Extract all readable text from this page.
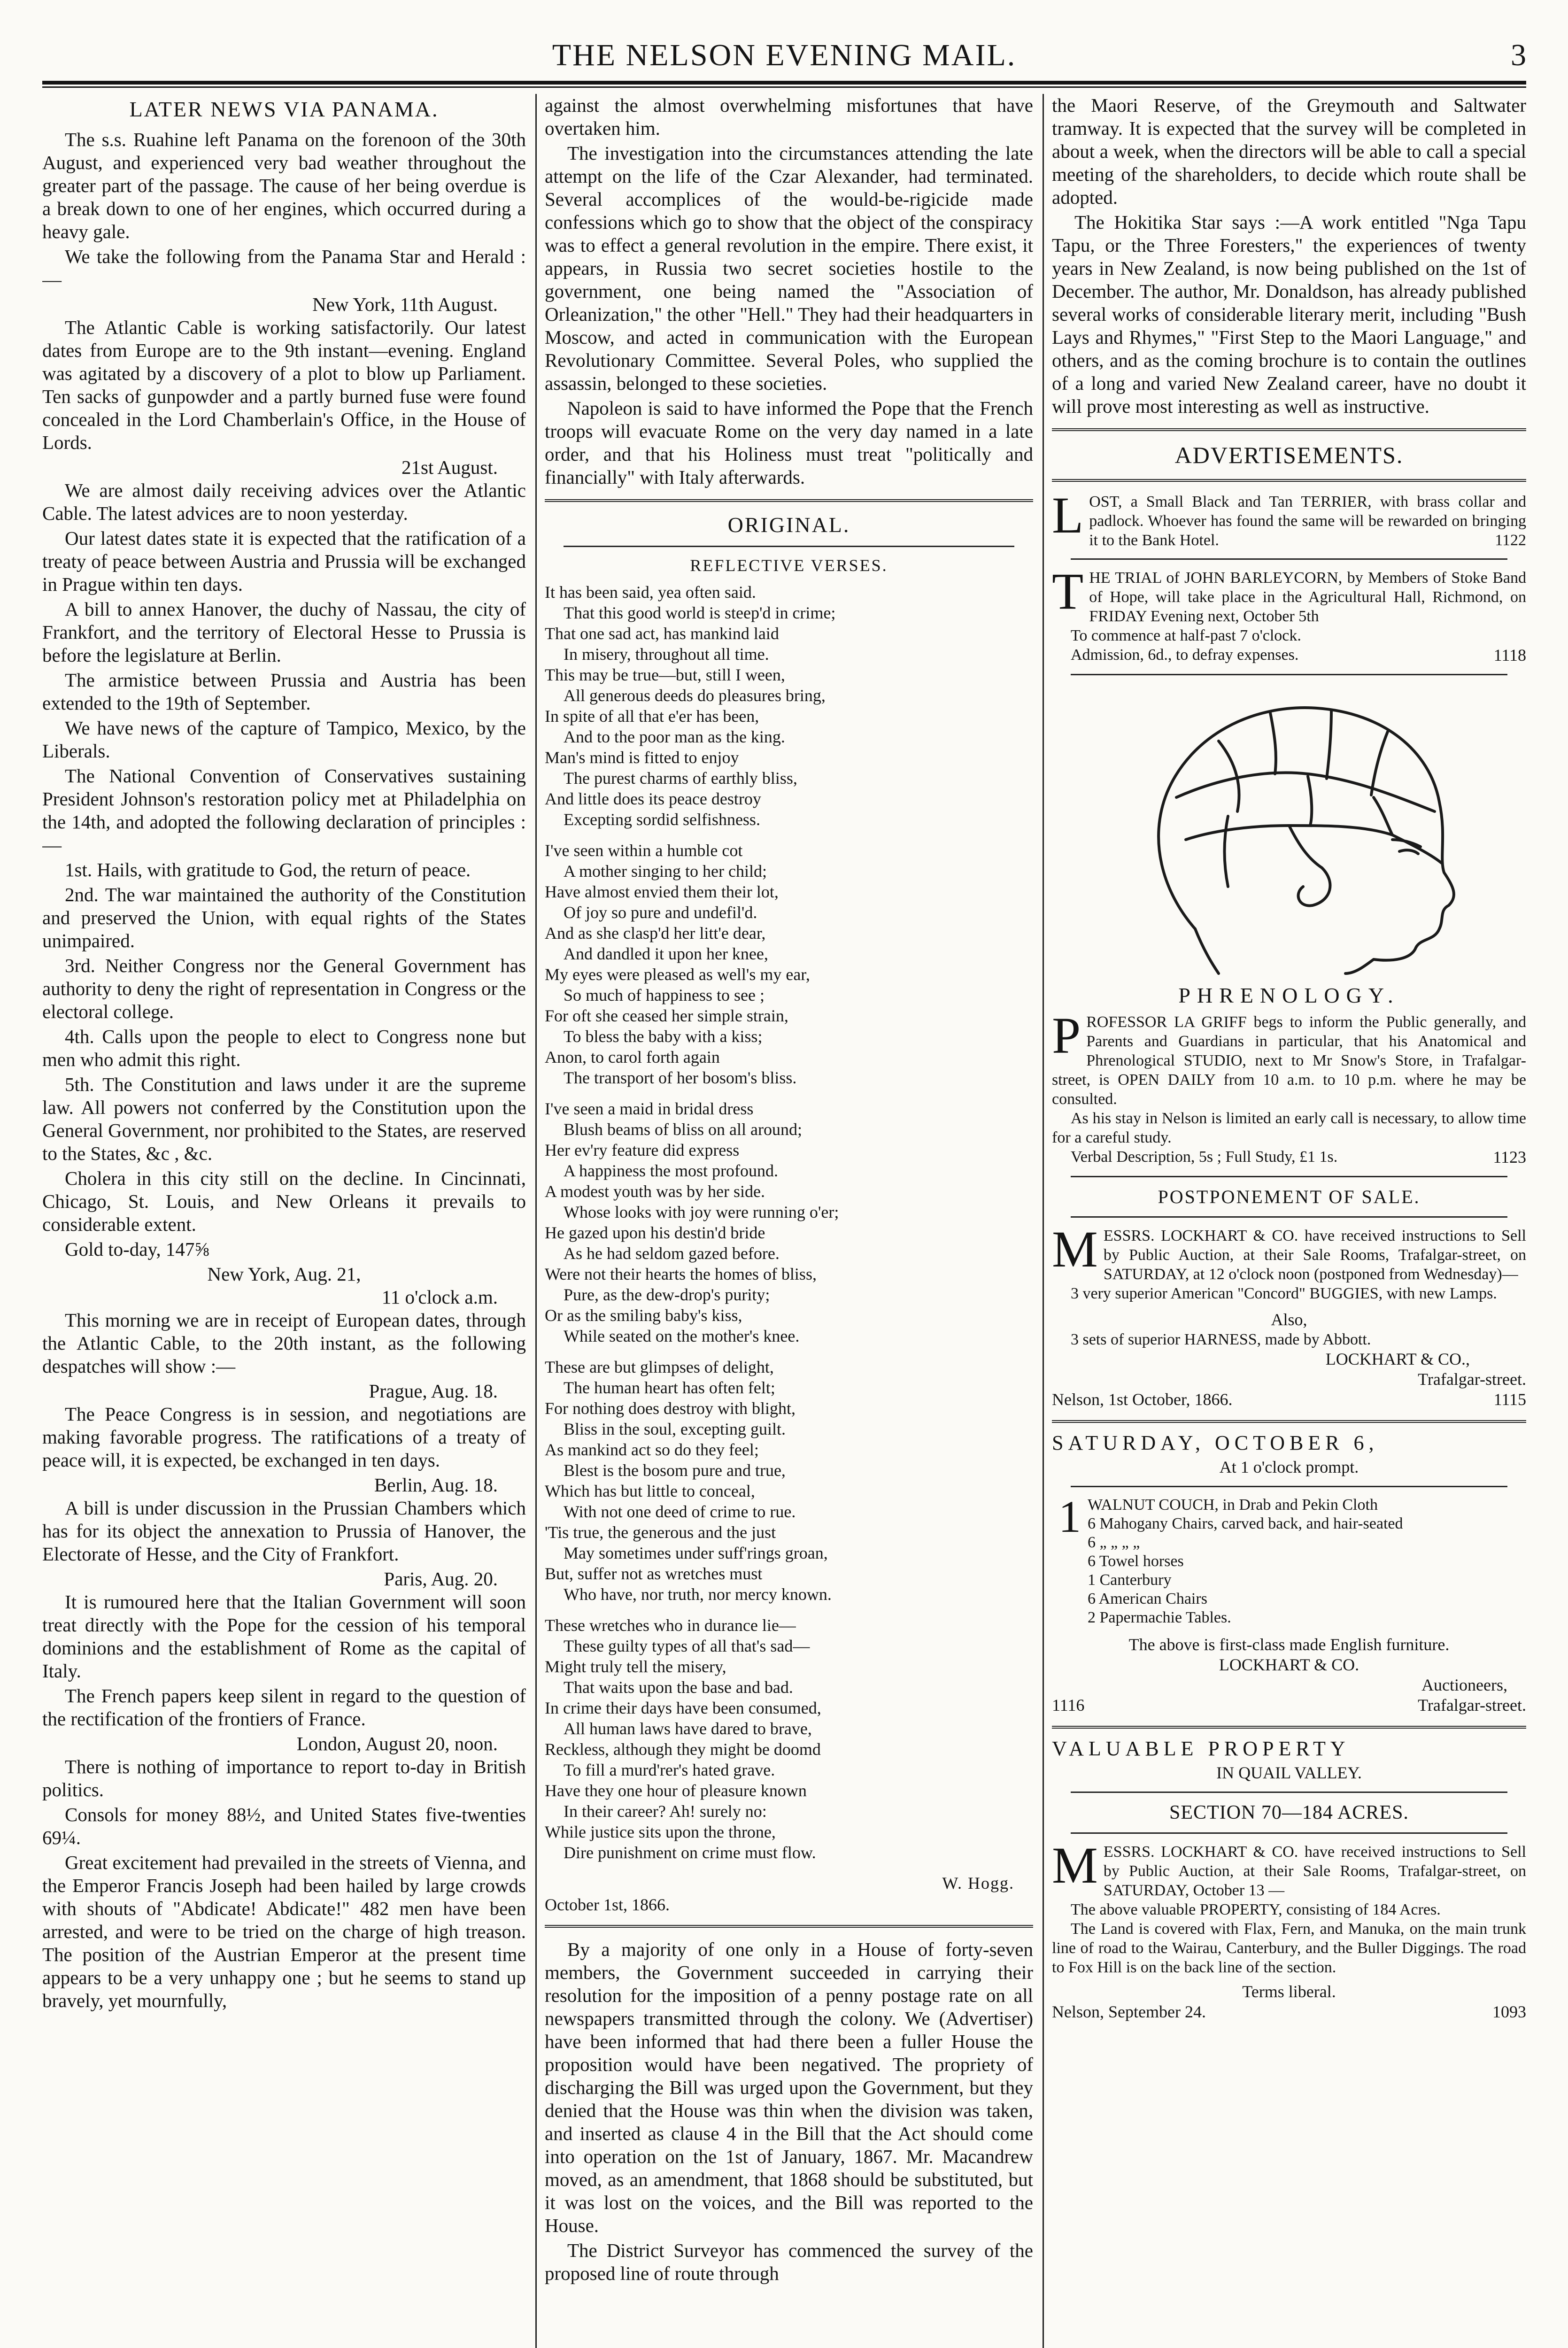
THE NELSON EVENING MAIL.	3
LATER NEWS VIA PANAMA.

The s.s. Ruahine left Panama on the forenoon of the 30th August, and experienced very bad weather throughout the greater part of the passage. The cause of her being overdue is a break down to one of her engines, which occurred during a heavy gale.

We take the following from the Panama Star and Herald :—

New York, 11th August.

The Atlantic Cable is working satisfactorily. Our latest dates from Europe are to the 9th instant—evening. England was agitated by a discovery of a plot to blow up Parliament. Ten sacks of gunpowder and a partly burned fuse were found concealed in the Lord Chamberlain's Office, in the House of Lords.

21st August.

We are almost daily receiving advices over the Atlantic Cable. The latest advices are to noon yesterday.

Our latest dates state it is expected that the ratification of a treaty of peace between Austria and Prussia will be exchanged in Prague within ten days.

A bill to annex Hanover, the duchy of Nassau, the city of Frankfort, and the territory of Electoral Hesse to Prussia is before the legislature at Berlin.

The armistice between Prussia and Austria has been extended to the 19th of September.

We have news of the capture of Tampico, Mexico, by the Liberals.

The National Convention of Conservatives sustaining President Johnson's restoration policy met at Philadelphia on the 14th, and adopted the following declaration of principles :—

1st. Hails, with gratitude to God, the return of peace.

2nd. The war maintained the authority of the Constitution and preserved the Union, with equal rights of the States unimpaired.

3rd. Neither Congress nor the General Government has authority to deny the right of representation in Congress or the electoral college.

4th. Calls upon the people to elect to Congress none but men who admit this right.

5th. The Constitution and laws under it are the supreme law. All powers not conferred by the Constitution upon the General Government, nor prohibited to the States, are reserved to the States, &c , &c.

Cholera in this city still on the decline. In Cincinnati, Chicago, St. Louis, and New Orleans it prevails to considerable extent.

Gold to-day, 147⅝

New York, Aug. 21,
11 o'clock a.m.

This morning we are in receipt of European dates, through the Atlantic Cable, to the 20th instant, as the following despatches will show :—

Prague, Aug. 18.

The Peace Congress is in session, and negotiations are making favorable progress. The ratifications of a treaty of peace will, it is expected, be exchanged in ten days.

Berlin, Aug. 18.

A bill is under discussion in the Prussian Chambers which has for its object the annexation to Prussia of Hanover, the Electorate of Hesse, and the City of Frankfort.

Paris, Aug. 20.

It is rumoured here that the Italian Government will soon treat directly with the Pope for the cession of his temporal dominions and the establishment of Rome as the capital of Italy.

The French papers keep silent in regard to the question of the rectification of the frontiers of France.

London, August 20, noon.

There is nothing of importance to report to-day in British politics.

Consols for money 88½, and United States five-twenties 69¼.

Great excitement had prevailed in the streets of Vienna, and the Emperor Francis Joseph had been hailed by large crowds with shouts of "Abdicate! Abdicate!" 482 men have been arrested, and were to be tried on the charge of high treason. The position of the Austrian Emperor at the present time appears to be a very unhappy one ; but he seems to stand up bravely, yet mournfully,

against the almost overwhelming misfortunes that have overtaken him.

The investigation into the circumstances attending the late attempt on the life of the Czar Alexander, had terminated. Several accomplices of the would-be-rigicide made confessions which go to show that the object of the conspiracy was to effect a general revolution in the empire. There exist, it appears, in Russia two secret societies hostile to the government, one being named the "Association of Orleanization," the other "Hell." They had their headquarters in Moscow, and acted in communication with the European Revolutionary Committee. Several Poles, who supplied the assassin, belonged to these societies.

Napoleon is said to have informed the Pope that the French troops will evacuate Rome on the very day named in a late order, and that his Holiness must treat "politically and financially" with Italy afterwards.

ORIGINAL.
REFLECTIVE VERSES.
It has been said, yea often said.
That this good world is steep'd in crime;
That one sad act, has mankind laid
In misery, throughout all time.
This may be true—but, still I ween,
All generous deeds do pleasures bring,
In spite of all that e'er has been,
And to the poor man as the king.
Man's mind is fitted to enjoy
The purest charms of earthly bliss,
And little does its peace destroy
Excepting sordid selfishness.
I've seen within a humble cot
A mother singing to her child;
Have almost envied them their lot,
Of joy so pure and undefil'd.
And as she clasp'd her litt'e dear,
And dandled it upon her knee,
My eyes were pleased as well's my ear,
So much of happiness to see ;
For oft she ceased her simple strain,
To bless the baby with a kiss;
Anon, to carol forth again
The transport of her bosom's bliss.
I've seen a maid in bridal dress
Blush beams of bliss on all around;
Her ev'ry feature did express
A happiness the most profound.
A modest youth was by her side.
Whose looks with joy were running o'er;
He gazed upon his destin'd bride
As he had seldom gazed before.
Were not their hearts the homes of bliss,
Pure, as the dew-drop's purity;
Or as the smiling baby's kiss,
While seated on the mother's knee.
These are but glimpses of delight,
The human heart has often felt;
For nothing does destroy with blight,
Bliss in the soul, excepting guilt.
As mankind act so do they feel;
Blest is the bosom pure and true,
Which has but little to conceal,
With not one deed of crime to rue.
'Tis true, the generous and the just
May sometimes under suff'rings groan,
But, suffer not as wretches must
Who have, nor truth, nor mercy known.
These wretches who in durance lie—
These guilty types of all that's sad—
Might truly tell the misery,
That waits upon the base and bad.
In crime their days have been consumed,
All human laws have dared to brave,
Reckless, although they might be doomd
To fill a murd'rer's hated grave.
Have they one hour of pleasure known
In their career? Ah! surely no:
While justice sits upon the throne,
Dire punishment on crime must flow.
W. Hogg.
October 1st, 1866.

By a majority of one only in a House of forty-seven members, the Government succeeded in carrying their resolution for the imposition of a penny postage rate on all newspapers transmitted through the colony. We (Advertiser) have been informed that had there been a fuller House the proposition would have been negatived. The propriety of discharging the Bill was urged upon the Government, but they denied that the House was thin when the division was taken, and inserted as clause 4 in the Bill that the Act should come into operation on the 1st of January, 1867. Mr. Macandrew moved, as an amendment, that 1868 should be substituted, but it was lost on the voices, and the Bill was reported to the House.

The District Surveyor has commenced the survey of the proposed line of route through

the Maori Reserve, of the Greymouth and Saltwater tramway. It is expected that the survey will be completed in about a week, when the directors will be able to call a special meeting of the shareholders, to decide which route shall be adopted.

The Hokitika Star says :—A work entitled "Nga Tapu Tapu, or the Three Foresters," the experiences of twenty years in New Zealand, is now being published on the 1st of December. The author, Mr. Donaldson, has already published several works of considerable literary merit, including "Bush Lays and Rhymes," "First Step to the Maori Language," and others, and as the coming brochure is to contain the outlines of a long and varied New Zealand career, have no doubt it will prove most interesting as well as instructive.

ADVERTISEMENTS.
LOST, a Small Black and Tan TERRIER, with brass collar and padlock. Whoever has found the same will be rewarded on bringing it to the Bank Hotel.	1122
THE TRIAL of JOHN BARLEYCORN, by Members of Stoke Band of Hope, will take place in the Agricultural Hall, Richmond, on FRIDAY Evening next, October 5th
To commence at half-past 7 o'clock.
Admission, 6d., to defray expenses.	1118
PHRENOLOGY.
PROFESSOR LA GRIFF begs to inform the Public generally, and Parents and Guardians in particular, that his Anatomical and Phrenological STUDIO, next to Mr Snow's Store, in Trafalgar-street, is OPEN DAILY from 10 a.m. to 10 p.m. where he may be consulted.
As his stay in Nelson is limited an early call is necessary, to allow time for a careful study.
Verbal Description, 5s ; Full Study, £1 1s.	1123
POSTPONEMENT OF SALE.
MESSRS. LOCKHART & CO. have received instructions to Sell by Public Auction, at their Sale Rooms, Trafalgar-street, on SATURDAY, at 12 o'clock noon (postponed from Wednesday)—
3 very superior American "Concord" BUGGIES, with new Lamps.
Also,
3 sets of superior HARNESS, made by Abbott.
LOCKHART & CO.,
Trafalgar-street.
Nelson, 1st October, 1866.	1115
SATURDAY, OCTOBER 6,
At 1 o'clock prompt.
1 WALNUT COUCH, in Drab and Pekin Cloth
6 Mahogany Chairs, carved back, and hair-seated
6 „ „ „ „
6 Towel horses
1 Canterbury
6 American Chairs
2 Papermachie Tables.
The above is first-class made English furniture.
LOCKHART & CO.
Auctioneers,
1116	Trafalgar-street.
VALUABLE PROPERTY
IN QUAIL VALLEY.
SECTION 70—184 ACRES.
MESSRS. LOCKHART & CO. have received instructions to Sell by Public Auction, at their Sale Rooms, Trafalgar-street, on SATURDAY, October 13 —
The above valuable PROPERTY, consisting of 184 Acres.
The Land is covered with Flax, Fern, and Manuka, on the main trunk line of road to the Wairau, Canterbury, and the Buller Diggings. The road to Fox Hill is on the back line of the section.
Terms liberal.
Nelson, September 24.	1093
